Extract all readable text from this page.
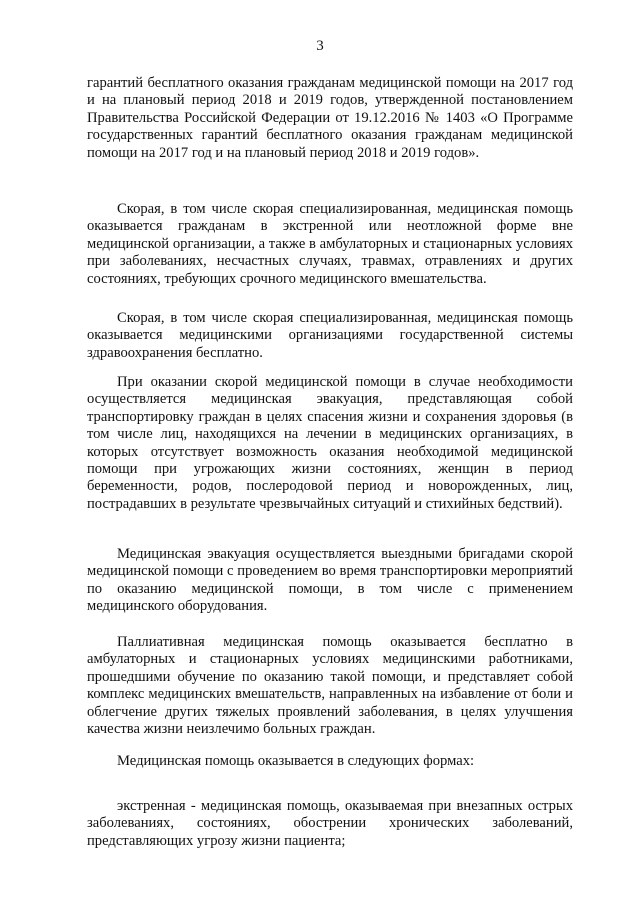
3

гарантий бесплатного оказания гражданам медицинской помощи на 2017 год и на плановый период 2018 и 2019 годов, утвержденной постановлением Правительства Российской Федерации от 19.12.2016 № 1403 «О Программе государственных гарантий бесплатного оказания гражданам медицинской помощи на 2017 год и на плановый период 2018 и 2019 годов».

Скорая, в том числе скорая специализированная, медицинская помощь оказывается гражданам в экстренной или неотложной форме вне медицинской организации, а также в амбулаторных и стационарных условиях при заболеваниях, несчастных случаях, травмах, отравлениях и других состояниях, требующих срочного медицинского вмешательства.

Скорая, в том числе скорая специализированная, медицинская помощь оказывается медицинскими организациями государственной системы здравоохранения бесплатно.

При оказании скорой медицинской помощи в случае необходимости осуществляется медицинская эвакуация, представляющая собой транспортировку граждан в целях спасения жизни и сохранения здоровья (в том числе лиц, находящихся на лечении в медицинских организациях, в которых отсутствует возможность оказания необходимой медицинской помощи при угрожающих жизни состояниях, женщин в период беременности, родов, послеродовой период и новорожденных, лиц, пострадавших в результате чрезвычайных ситуаций и стихийных бедствий).

Медицинская эвакуация осуществляется выездными бригадами скорой медицинской помощи с проведением во время транспортировки мероприятий по оказанию медицинской помощи, в том числе с применением медицинского оборудования.

Паллиативная медицинская помощь оказывается бесплатно в амбулаторных и стационарных условиях медицинскими работниками, прошедшими обучение по оказанию такой помощи, и представляет собой комплекс медицинских вмешательств, направленных на избавление от боли и облегчение других тяжелых проявлений заболевания, в целях улучшения качества жизни неизлечимо больных граждан.

Медицинская помощь оказывается в следующих формах:

экстренная - медицинская помощь, оказываемая при внезапных острых заболеваниях, состояниях, обострении хронических заболеваний, представляющих угрозу жизни пациента;
